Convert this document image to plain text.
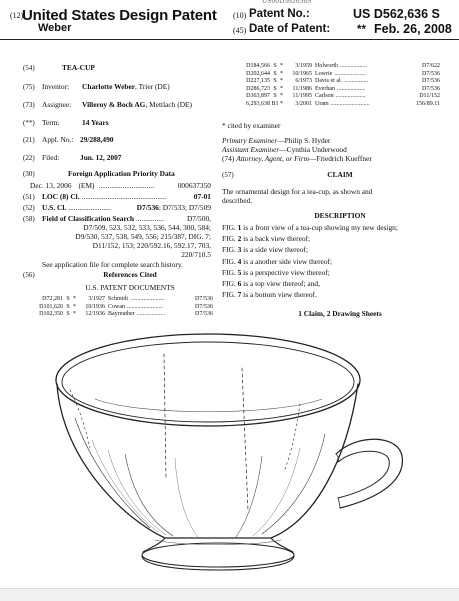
US00D562636S
(12)
United States Design Patent
Weber
(10) Patent No.:	US D562,636 S
(45) Date of Patent: ** Feb. 26, 2008
(54)	TEA-CUP
(75) Inventor: Charlotte Weber, Trier (DE)
(73) Assignee: Villeroy & Boch AG, Mettlach (DE)
(**) Term:	14 Years
(21) Appl. No.: 29/288,490
(22) Filed:	Jun. 12, 2007
(30)	Foreign Application Priority Data
Dec. 13, 2006 (EM) ..............................	000637350
(51) LOC (8) Cl. ..............................................	07-01
(52) U.S. Cl. .......................	D7/536 ; D7/533; D7/509
(58) Field of Classification Search ...............	D7/500,
D7/509, 523, 532, 533, 536, 544, 300, 584;
D9/530, 537, 538, 549, 556; 215/387, DIG. 7;
D11/152, 153; 220/592.16, 592.17, 703,
220/710.5
See application file for complete search history.
(56)	References Cited
U.S. PATENT DOCUMENTS
D72,281 S *	3/1927 Schmidt .......................	D7/536
D101,620 S *	10/1936 Cowan ........................	D7/536
D102,350 S *	12/1936 Bayreuther ...................	D7/536
D184,566 S *	3/1959 Holworth ..................	D7/622
D202,644 S *	10/1965 Lowrie .....................	D7/536
D227,135 S *	6/1973 Davis et al. ................	D7/536
D286,723 S *	11/1986 Everhan ...................	D7/536
D363,897 S *	11/1995 Carlson ....................	D11/152
6,293,638 B1 *	3/2001 Uram ..........................	156/89.11
* cited by examiner
Primary Examiner—Philip S. Hyder
Assistant Examiner—Cynthia Underwood
(74) Attorney, Agent, or Firm—Friedrich Kueffner
(57)	CLAIM
The ornamental design for a tea-cup, as shown and
described.
DESCRIPTION
FIG. 1 is a front view of a tea-cup showing my new design;
FIG. 2 is a back view thereof;
FIG. 3 is a side view thereof;
FIG. 4 is a another side view thereof;
FIG. 5 is a perspective view thereof;
FIG. 6 is a top view thereof; and,
FIG. 7 is a bottom view thereof.
1 Claim, 2 Drawing Sheets
